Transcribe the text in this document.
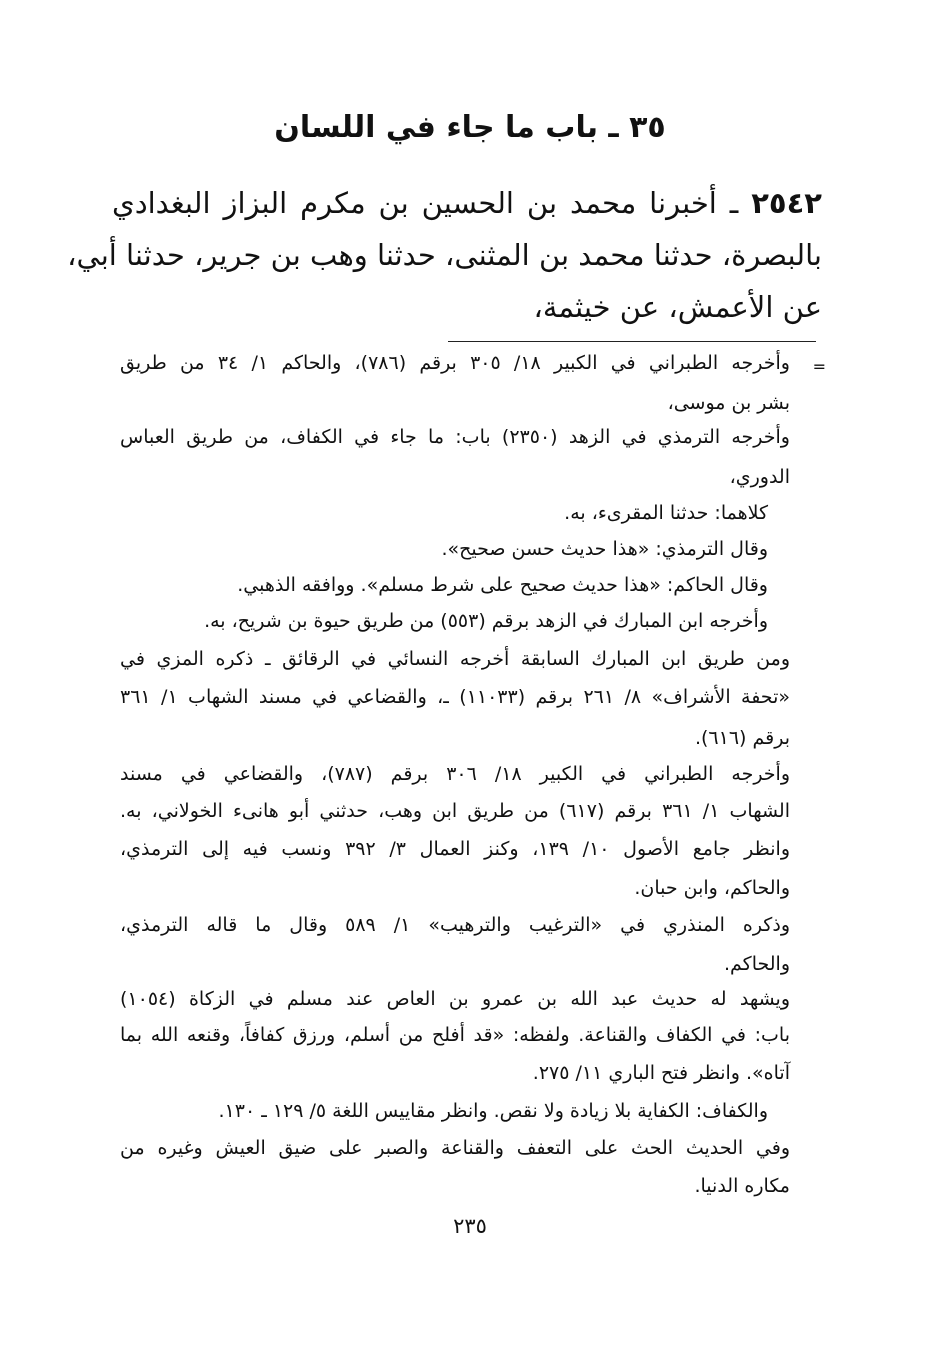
٣٥ ـ باب ما جاء في اللسان
٢٥٤٢ ـ أخبرنا محمد بن الحسين بن مكرم البزاز البغدادي
بالبصرة، حدثنا محمد بن المثنى، حدثنا وهب بن جرير، حدثنا أبي،
عن الأعمش، عن خيثمة،
=
وأخرجه الطبراني في الكبير ١٨/ ٣٠٥ برقم (٧٨٦)، والحاكم ١/ ٣٤ من طريق
بشر بن موسى،
وأخرجه الترمذي في الزهد (٢٣٥٠) باب: ما جاء في الكفاف، من طريق العباس
الدوري،
كلاهما: حدثنا المقرىء، به.
وقال الترمذي: «هذا حديث حسن صحيح».
وقال الحاكم: «هذا حديث صحيح على شرط مسلم». ووافقه الذهبي.
وأخرجه ابن المبارك في الزهد برقم (٥٥٣) من طريق حيوة بن شريح، به.
ومن طريق ابن المبارك السابقة أخرجه النسائي في الرقائق ـ ذكره المزي في
«تحفة الأشراف» ٨/ ٢٦١ برقم (١١٠٣٣) ـ، والقضاعي في مسند الشهاب ١/ ٣٦١
برقم (٦١٦).
وأخرجه الطبراني في الكبير ١٨/ ٣٠٦ برقم (٧٨٧)، والقضاعي في مسند
الشهاب ١/ ٣٦١ برقم (٦١٧) من طريق ابن وهب، حدثني أبو هانىء الخولاني، به.
وانظر جامع الأصول ١٠/ ١٣٩، وكنز العمال ٣/ ٣٩٢ ونسب فيه إلى الترمذي،
والحاكم، وابن حبان.
وذكره المنذري في «الترغيب والترهيب» ١/ ٥٨٩ وقال ما قاله الترمذي،
والحاكم.
ويشهد له حديث عبد الله بن عمرو بن العاص عند مسلم في الزكاة (١٠٥٤)
باب: في الكفاف والقناعة. ولفظه: «قد أفلح من أسلم، ورزق كفافاً، وقنعه الله بما
آتاه». وانظر فتح الباري ١١/ ٢٧٥.
والكفاف: الكفاية بلا زيادة ولا نقص. وانظر مقاييس اللغة ٥/ ١٢٩ ـ ١٣٠.
وفي الحديث الحث على التعفف والقناعة والصبر على ضيق العيش وغيره من
مكاره الدنيا.
٢٣٥
